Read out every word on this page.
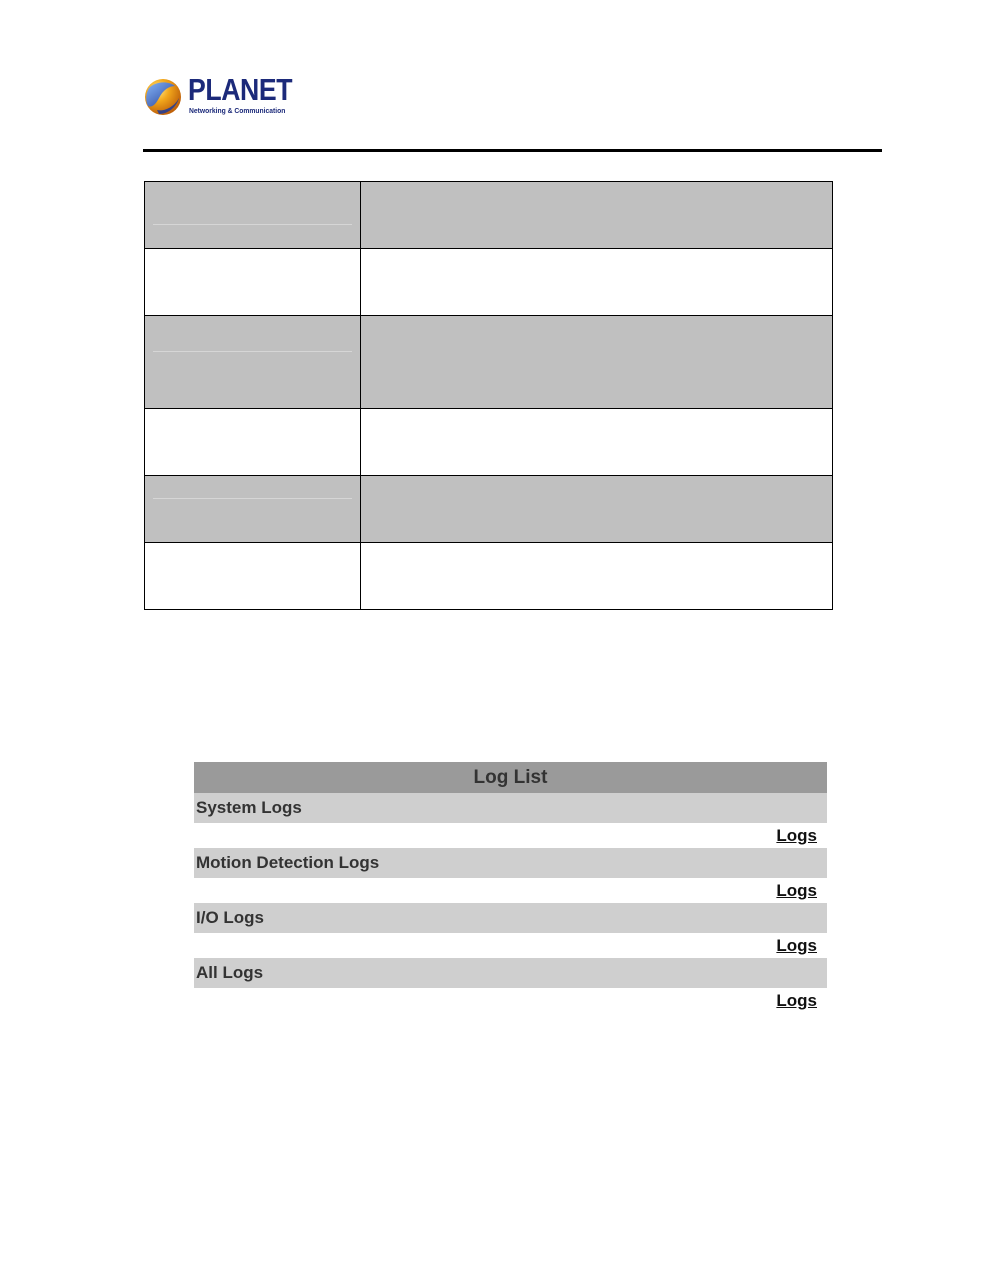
PLANET
Networking & Communication

Log List
System Logs
Logs
Motion Detection Logs
Logs
I/O Logs
Logs
All Logs
Logs
